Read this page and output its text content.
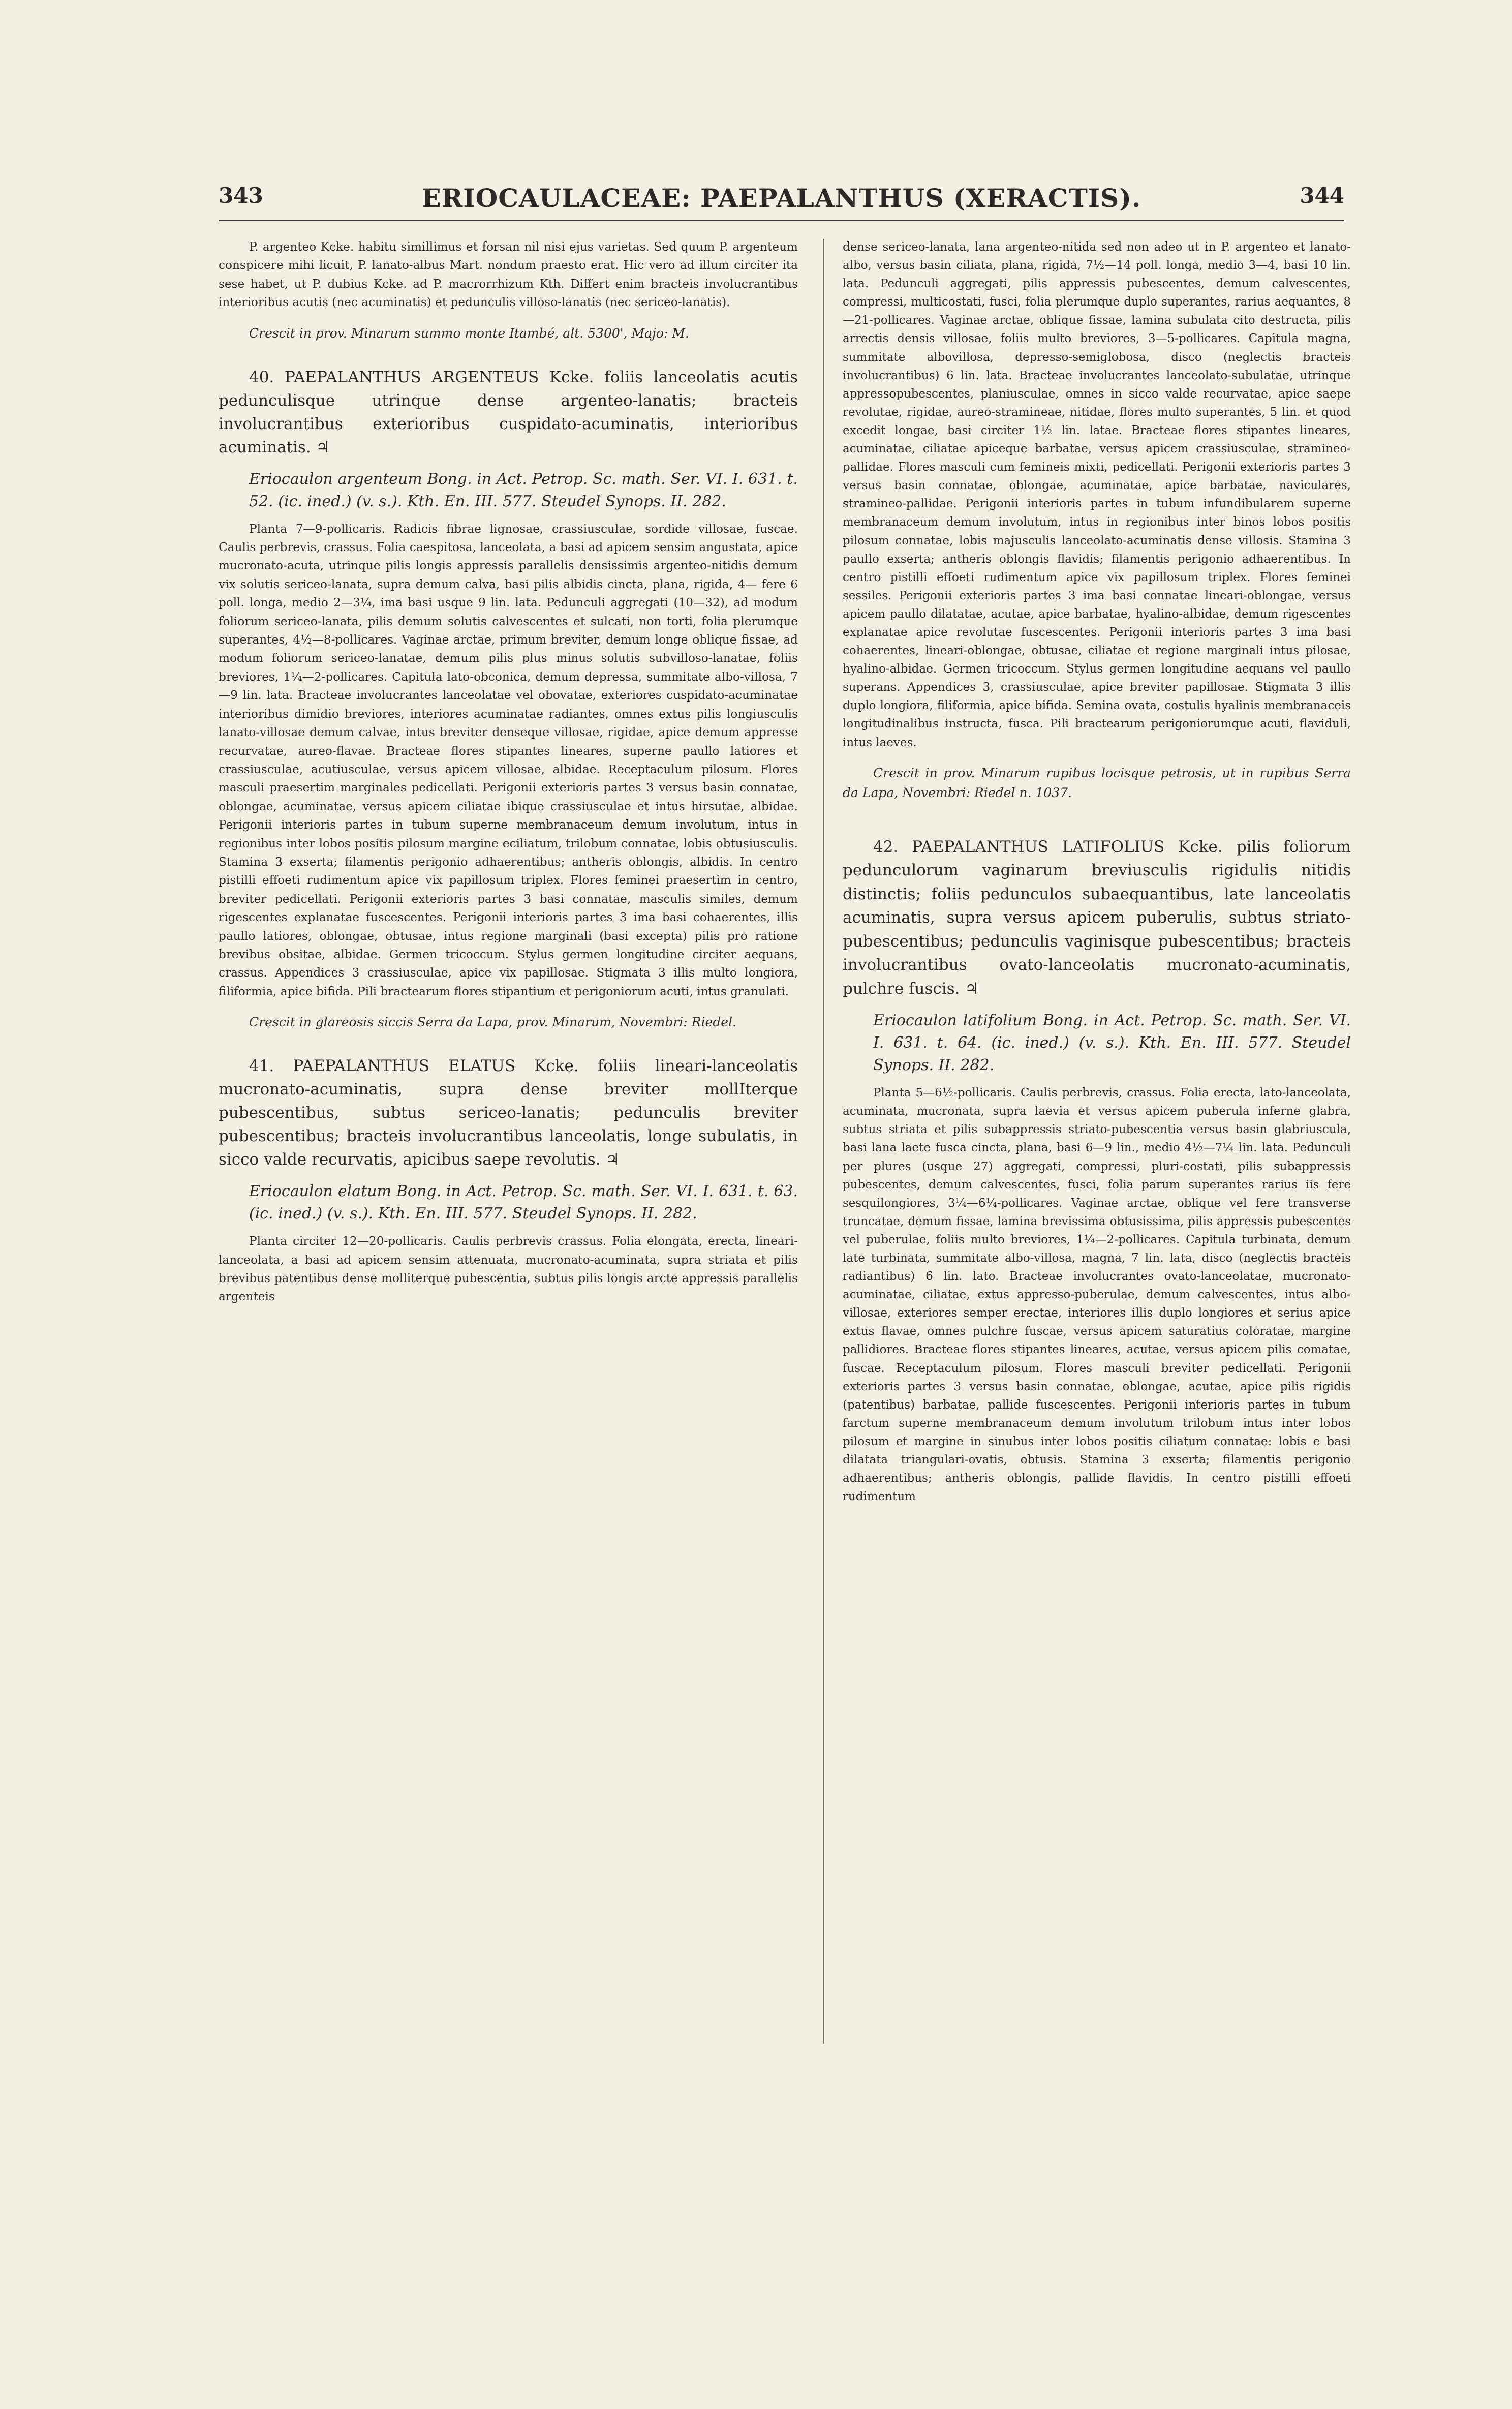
343	ERIOCAULACEAE: PAEPALANTHUS (XERACTIS).	344

P. argenteo Kcke. habitu simillimus et forsan nil nisi ejus varietas. Sed quum P. argenteum conspicere mihi licuit, P. lanato-albus Mart. nondum praesto erat. Hic vero ad illum circiter ita sese habet, ut P. dubius Kcke. ad P. macrorrhizum Kth. Differt enim bracteis involucrantibus interioribus acutis (nec acuminatis) et pedunculis villoso-lanatis (nec sericeo-lanatis).

Crescit in prov. Minarum summo monte Itambé, alt. 5300', Majo: M.

40. PAEPALANTHUS ARGENTEUS Kcke. foliis lanceolatis acutis pedunculisque utrinque dense argenteo-lanatis; bracteis involucrantibus exterioribus cuspidato-acuminatis, interioribus acuminatis. ♃

Eriocaulon argenteum Bong. in Act. Petrop. Sc. math. Ser. VI. I. 631. t. 52. (ic. ined.) (v. s.). Kth. En. III. 577. Steudel Synops. II. 282.

Planta 7—9-pollicaris. Radicis fibrae lignosae, crassiusculae, sordide villosae, fuscae. Caulis perbrevis, crassus. Folia caespitosa, lanceolata, a basi ad apicem sensim angustata, apice mucronato-acuta, utrinque pilis longis appressis parallelis densissimis argenteo-nitidis demum vix solutis sericeo-lanata, supra demum calva, basi pilis albidis cincta, plana, rigida, 4— fere 6 poll. longa, medio 2—3¼, ima basi usque 9 lin. lata. Pedunculi aggregati (10—32), ad modum foliorum sericeo-lanata, pilis demum solutis calvescentes et sulcati, non torti, folia plerumque superantes, 4½—8-pollicares. Vaginae arctae, primum breviter, demum longe oblique fissae, ad modum foliorum sericeo-lanatae, demum pilis plus minus solutis subvilloso-lanatae, foliis breviores, 1¼—2-pollicares. Capitula lato-obconica, demum depressa, summitate albo-villosa, 7—9 lin. lata. Bracteae involucrantes lanceolatae vel obovatae, exteriores cuspidato-acuminatae interioribus dimidio breviores, interiores acuminatae radiantes, omnes extus pilis longiusculis lanato-villosae demum calvae, intus breviter denseque villosae, rigidae, apice demum appresse recurvatae, aureo-flavae. Bracteae flores stipantes lineares, superne paullo latiores et crassiusculae, acutiusculae, versus apicem villosae, albidae. Receptaculum pilosum. Flores masculi praesertim marginales pedicellati. Perigonii exterioris partes 3 versus basin connatae, oblongae, acuminatae, versus apicem ciliatae ibique crassiusculae et intus hirsutae, albidae. Perigonii interioris partes in tubum superne membranaceum demum involutum, intus in regionibus inter lobos positis pilosum margine eciliatum, trilobum connatae, lobis obtusiusculis. Stamina 3 exserta; filamentis perigonio adhaerentibus; antheris oblongis, albidis. In centro pistilli effoeti rudimentum apice vix papillosum triplex. Flores feminei praesertim in centro, breviter pedicellati. Perigonii exterioris partes 3 basi connatae, masculis similes, demum rigescentes explanatae fuscescentes. Perigonii interioris partes 3 ima basi cohaerentes, illis paullo latiores, oblongae, obtusae, intus regione marginali (basi excepta) pilis pro ratione brevibus obsitae, albidae. Germen tricoccum. Stylus germen longitudine circiter aequans, crassus. Appendices 3 crassiusculae, apice vix papillosae. Stigmata 3 illis multo longiora, filiformia, apice bifida. Pili bractearum flores stipantium et perigoniorum acuti, intus granulati.

Crescit in glareosis siccis Serra da Lapa, prov. Minarum, Novembri: Riedel.

41. PAEPALANTHUS ELATUS Kcke. foliis lineari-lanceolatis mucronato-acuminatis, supra dense breviter mollIterque pubescentibus, subtus sericeo-lanatis; pedunculis breviter pubescentibus; bracteis involucrantibus lanceolatis, longe subulatis, in sicco valde recurvatis, apicibus saepe revolutis. ♃

Eriocaulon elatum Bong. in Act. Petrop. Sc. math. Ser. VI. I. 631. t. 63. (ic. ined.) (v. s.). Kth. En. III. 577. Steudel Synops. II. 282.

Planta circiter 12—20-pollicaris. Caulis perbrevis crassus. Folia elongata, erecta, lineari-lanceolata, a basi ad apicem sensim attenuata, mucronato-acuminata, supra striata et pilis brevibus patentibus dense molliterque pubescentia, subtus pilis longis arcte appressis parallelis argenteis

dense sericeo-lanata, lana argenteo-nitida sed non adeo ut in P. argenteo et lanato-albo, versus basin ciliata, plana, rigida, 7½—14 poll. longa, medio 3—4, basi 10 lin. lata. Pedunculi aggregati, pilis appressis pubescentes, demum calvescentes, compressi, multicostati, fusci, folia plerumque duplo superantes, rarius aequantes, 8—21-pollicares. Vaginae arctae, oblique fissae, lamina subulata cito destructa, pilis arrectis densis villosae, foliis multo breviores, 3—5-pollicares. Capitula magna, summitate albovillosa, depresso-semiglobosa, disco (neglectis bracteis involucrantibus) 6 lin. lata. Bracteae involucrantes lanceolato-subulatae, utrinque appressopubescentes, planiusculae, omnes in sicco valde recurvatae, apice saepe revolutae, rigidae, aureo-stramineae, nitidae, flores multo superantes, 5 lin. et quod excedit longae, basi circiter 1½ lin. latae. Bracteae flores stipantes lineares, acuminatae, ciliatae apiceque barbatae, versus apicem crassiusculae, stramineo-pallidae. Flores masculi cum femineis mixti, pedicellati. Perigonii exterioris partes 3 versus basin connatae, oblongae, acuminatae, apice barbatae, naviculares, stramineo-pallidae. Perigonii interioris partes in tubum infundibularem superne membranaceum demum involutum, intus in regionibus inter binos lobos positis pilosum connatae, lobis majusculis lanceolato-acuminatis dense villosis. Stamina 3 paullo exserta; antheris oblongis flavidis; filamentis perigonio adhaerentibus. In centro pistilli effoeti rudimentum apice vix papillosum triplex. Flores feminei sessiles. Perigonii exterioris partes 3 ima basi connatae lineari-oblongae, versus apicem paullo dilatatae, acutae, apice barbatae, hyalino-albidae, demum rigescentes explanatae apice revolutae fuscescentes. Perigonii interioris partes 3 ima basi cohaerentes, lineari-oblongae, obtusae, ciliatae et regione marginali intus pilosae, hyalino-albidae. Germen tricoccum. Stylus germen longitudine aequans vel paullo superans. Appendices 3, crassiusculae, apice breviter papillosae. Stigmata 3 illis duplo longiora, filiformia, apice bifida. Semina ovata, costulis hyalinis membranaceis longitudinalibus instructa, fusca. Pili bractearum perigoniorumque acuti, flaviduli, intus laeves.

Crescit in prov. Minarum rupibus locisque petrosis, ut in rupibus Serra da Lapa, Novembri: Riedel n. 1037.

42. PAEPALANTHUS LATIFOLIUS Kcke. pilis foliorum pedunculorum vaginarum breviusculis rigidulis nitidis distinctis; foliis pedunculos subaequantibus, late lanceolatis acuminatis, supra versus apicem puberulis, subtus striato-pubescentibus; pedunculis vaginisque pubescentibus; bracteis involucrantibus ovato-lanceolatis mucronato-acuminatis, pulchre fuscis. ♃

Eriocaulon latifolium Bong. in Act. Petrop. Sc. math. Ser. VI. I. 631. t. 64. (ic. ined.) (v. s.). Kth. En. III. 577. Steudel Synops. II. 282.

Planta 5—6½-pollicaris. Caulis perbrevis, crassus. Folia erecta, lato-lanceolata, acuminata, mucronata, supra laevia et versus apicem puberula inferne glabra, subtus striata et pilis subappressis striato-pubescentia versus basin glabriuscula, basi lana laete fusca cincta, plana, basi 6—9 lin., medio 4½—7¼ lin. lata. Pedunculi per plures (usque 27) aggregati, compressi, pluri-costati, pilis subappressis pubescentes, demum calvescentes, fusci, folia parum superantes rarius iis fere sesquilongiores, 3¼—6¼-pollicares. Vaginae arctae, oblique vel fere transverse truncatae, demum fissae, lamina brevissima obtusissima, pilis appressis pubescentes vel puberulae, foliis multo breviores, 1¼—2-pollicares. Capitula turbinata, demum late turbinata, summitate albo-villosa, magna, 7 lin. lata, disco (neglectis bracteis radiantibus) 6 lin. lato. Bracteae involucrantes ovato-lanceolatae, mucronato-acuminatae, ciliatae, extus appresso-puberulae, demum calvescentes, intus albo-villosae, exteriores semper erectae, interiores illis duplo longiores et serius apice extus flavae, omnes pulchre fuscae, versus apicem saturatius coloratae, margine pallidiores. Bracteae flores stipantes lineares, acutae, versus apicem pilis comatae, fuscae. Receptaculum pilosum. Flores masculi breviter pedicellati. Perigonii exterioris partes 3 versus basin connatae, oblongae, acutae, apice pilis rigidis (patentibus) barbatae, pallide fuscescentes. Perigonii interioris partes in tubum farctum superne membranaceum demum involutum trilobum intus inter lobos pilosum et margine in sinubus inter lobos positis ciliatum connatae: lobis e basi dilatata triangulari-ovatis, obtusis. Stamina 3 exserta; filamentis perigonio adhaerentibus; antheris oblongis, pallide flavidis. In centro pistilli effoeti rudimentum
